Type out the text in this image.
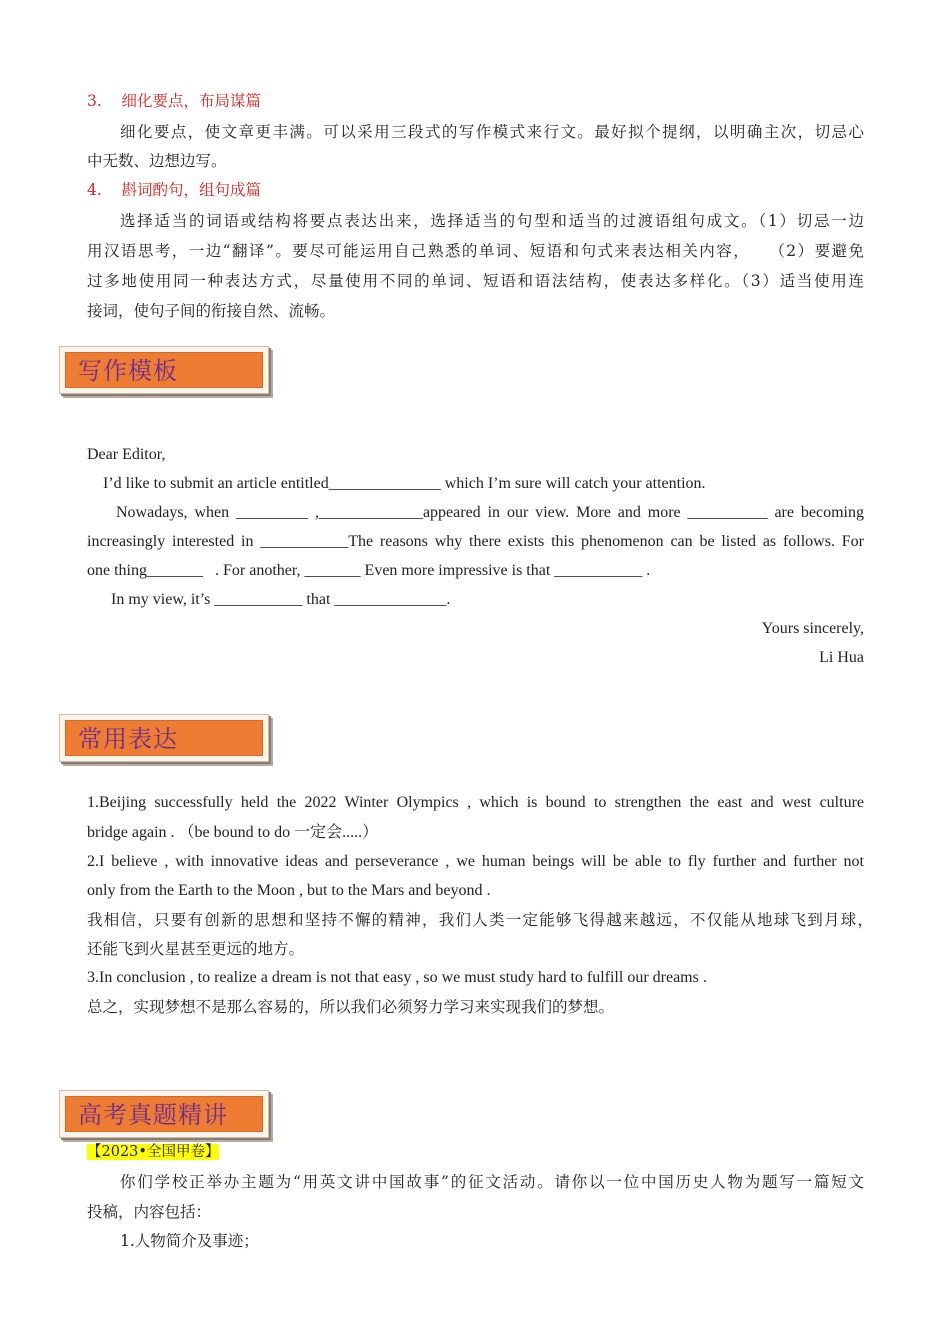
3.    细化要点，布局谋篇
细化要点，使文章更丰满。可以采用三段式的写作模式来行文。最好拟个提纲，以明确主次，切忌心
中无数、边想边写。
4.    斟词酌句，组句成篇
选择适当的词语或结构将要点表达出来，选择适当的句型和适当的过渡语组句成文。（1）切忌一边
用汉语思考，一边“翻译”。要尽可能运用自己熟悉的单词、短语和句式来表达相关内容，   （2）要避免
过多地使用同一种表达方式，尽量使用不同的单词、短语和语法结构，使表达多样化。（3）适当使用连
接词，使句子间的衔接自然、流畅。
写作模板
Dear Editor,
I’d like to submit an article entitled______________ which I’m sure will catch your attention.
Nowadays, when _________ ,_____________appeared in our view. More and more __________ are becoming
increasingly interested in ___________The reasons why there exists this phenomenon can be listed as follows. For
one thing_______   . For another, _______ Even more impressive is that ___________ .
In my view, it’s ___________ that ______________.
Yours sincerely,
Li Hua
常用表达
1.Beijing successfully held the 2022 Winter Olympics , which is bound to strengthen the east and west culture
bridge again . （be bound to do 一定会.....）
2.I believe , with innovative ideas and perseverance , we human beings will be able to fly further and further not
only from the Earth to the Moon , but to the Mars and beyond .
我相信，只要有创新的思想和坚持不懈的精神，我们人类一定能够飞得越来越远，不仅能从地球飞到月球，
还能飞到火星甚至更远的地方。
3.In conclusion , to realize a dream is not that easy , so we must study hard to fulfill our dreams .
总之，实现梦想不是那么容易的，所以我们必须努力学习来实现我们的梦想。
高考真题精讲
【2023•全国甲卷】
你们学校正举办主题为“用英文讲中国故事”的征文活动。请你以一位中国历史人物为题写一篇短文
投稿，内容包括：
1.人物简介及事迹；
